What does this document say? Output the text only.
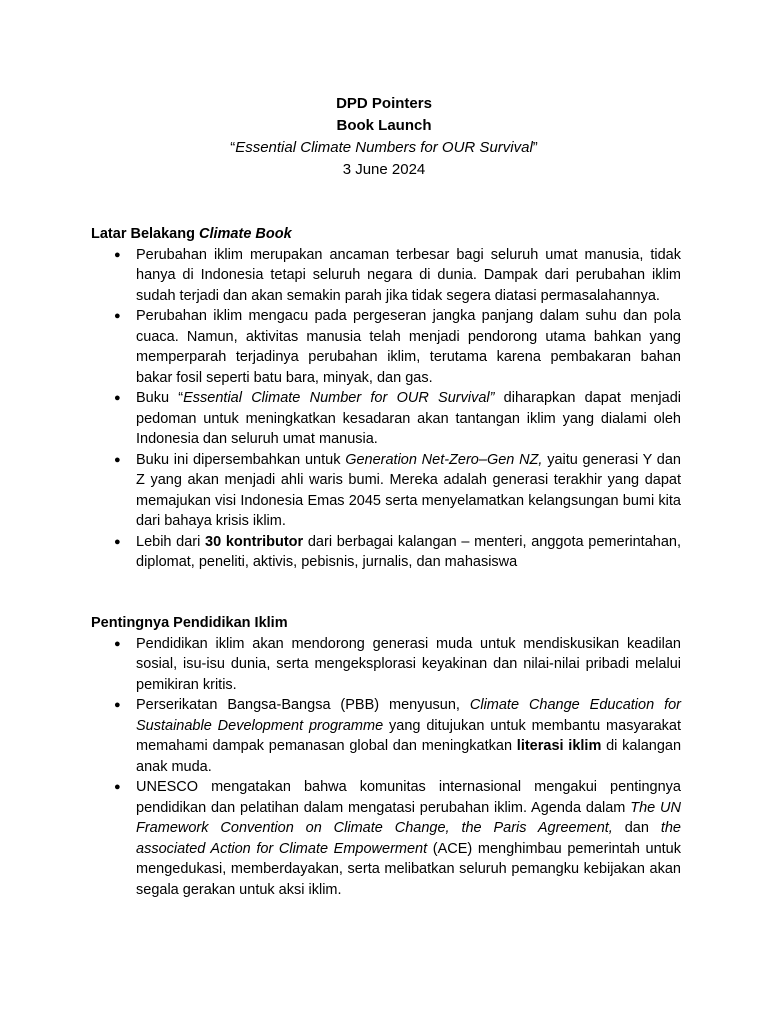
DPD Pointers
Book Launch
“Essential Climate Numbers for OUR Survival”
3 June 2024

Latar Belakang Climate Book

● Perubahan iklim merupakan ancaman terbesar bagi seluruh umat manusia, tidak hanya di Indonesia tetapi seluruh negara di dunia. Dampak dari perubahan iklim sudah terjadi dan akan semakin parah jika tidak segera diatasi permasalahannya.
● Perubahan iklim mengacu pada pergeseran jangka panjang dalam suhu dan pola cuaca. Namun, aktivitas manusia telah menjadi pendorong utama bahkan yang memperparah terjadinya perubahan iklim, terutama karena pembakaran bahan bakar fosil seperti batu bara, minyak, dan gas.
● Buku “Essential Climate Number for OUR Survival” diharapkan dapat menjadi pedoman untuk meningkatkan kesadaran akan tantangan iklim yang dialami oleh Indonesia dan seluruh umat manusia.
● Buku ini dipersembahkan untuk Generation Net-Zero–Gen NZ, yaitu generasi Y dan Z yang akan menjadi ahli waris bumi. Mereka adalah generasi terakhir yang dapat memajukan visi Indonesia Emas 2045 serta menyelamatkan kelangsungan bumi kita dari bahaya krisis iklim.
● Lebih dari 30 kontributor dari berbagai kalangan – menteri, anggota pemerintahan, diplomat, peneliti, aktivis, pebisnis, jurnalis, dan mahasiswa

Pentingnya Pendidikan Iklim

● Pendidikan iklim akan mendorong generasi muda untuk mendiskusikan keadilan sosial, isu-isu dunia, serta mengeksplorasi keyakinan dan nilai-nilai pribadi melalui pemikiran kritis.
● Perserikatan Bangsa-Bangsa (PBB) menyusun, Climate Change Education for Sustainable Development programme yang ditujukan untuk membantu masyarakat memahami dampak pemanasan global dan meningkatkan literasi iklim di kalangan anak muda.
● UNESCO mengatakan bahwa komunitas internasional mengakui pentingnya pendidikan dan pelatihan dalam mengatasi perubahan iklim. Agenda dalam The UN Framework Convention on Climate Change, the Paris Agreement, dan the associated Action for Climate Empowerment (ACE) menghimbau pemerintah untuk mengedukasi, memberdayakan, serta melibatkan seluruh pemangku kebijakan akan segala gerakan untuk aksi iklim.
